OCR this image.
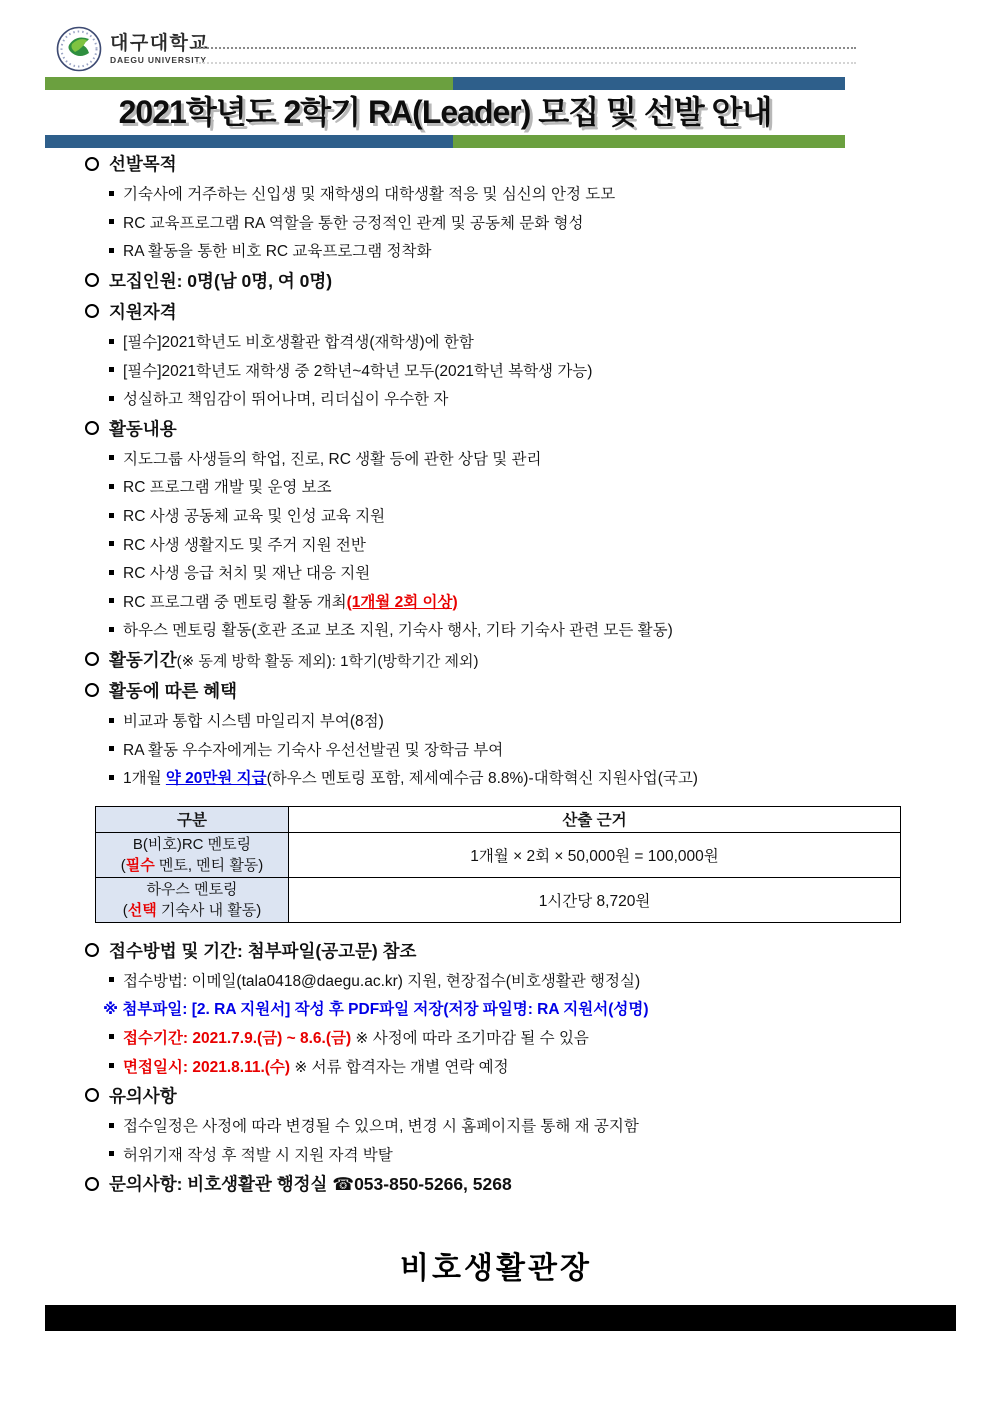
대구대학교
DAEGU UNIVERSITY
2021학년도 2학기 RA(Leader) 모집 및 선발 안내
선발목적
기숙사에 거주하는 신입생 및 재학생의 대학생활 적응 및 심신의 안정 도모
RC 교육프로그램 RA 역할을 통한 긍정적인 관계 및 공동체 문화 형성
RA 활동을 통한 비호 RC 교육프로그램 정착화
모집인원: 0명(남 0명, 여 0명)
지원자격
[필수]2021학년도 비호생활관 합격생(재학생)에 한함
[필수]2021학년도 재학생 중 2학년~4학년 모두(2021학년 복학생 가능)
성실하고 책임감이 뛰어나며, 리더십이 우수한 자
활동내용
지도그룹 사생들의 학업, 진로, RC 생활 등에 관한 상담 및 관리
RC 프로그램 개발 및 운영 보조
RC 사생 공동체 교육 및 인성 교육 지원
RC 사생 생활지도 및 주거 지원 전반
RC 사생 응급 처치 및 재난 대응 지원
RC 프로그램 중 멘토링 활동 개최(1개월 2회 이상)
하우스 멘토링 활동(호관 조교 보조 지원, 기숙사 행사, 기타 기숙사 관련 모든 활동)
활동기간(※ 동계 방학 활동 제외): 1학기(방학기간 제외)
활동에 따른 혜택
비교과 통합 시스템 마일리지 부여(8점)
RA 활동 우수자에게는 기숙사 우선선발권 및 장학금 부여
1개월 약 20만원 지급(하우스 멘토링 포함, 제세예수금 8.8%)-대학혁신 지원사업(국고)
구분	산출 근거

B(비호)RC 멘토링
(필수 멘토, 멘티 활동)	1개월 × 2회 × 50,000원 = 100,000원

하우스 멘토링
(선택 기숙사 내 활동)	1시간당 8,720원
접수방법 및 기간: 첨부파일(공고문) 참조
접수방법: 이메일(tala0418@daegu.ac.kr) 지원, 현장접수(비호생활관 행정실)
※ 첨부파일: [2. RA 지원서] 작성 후 PDF파일 저장(저장 파일명: RA 지원서(성명)
접수기간: 2021.7.9.(금) ~ 8.6.(금) ※ 사정에 따라 조기마감 될 수 있음
면접일시: 2021.8.11.(수) ※ 서류 합격자는 개별 연락 예정
유의사항
접수일정은 사정에 따라 변경될 수 있으며, 변경 시 홈페이지를 통해 재 공지함
허위기재 작성 후 적발 시 지원 자격 박탈
문의사항: 비호생활관 행정실 ☎053-850-5266, 5268
비호생활관장
